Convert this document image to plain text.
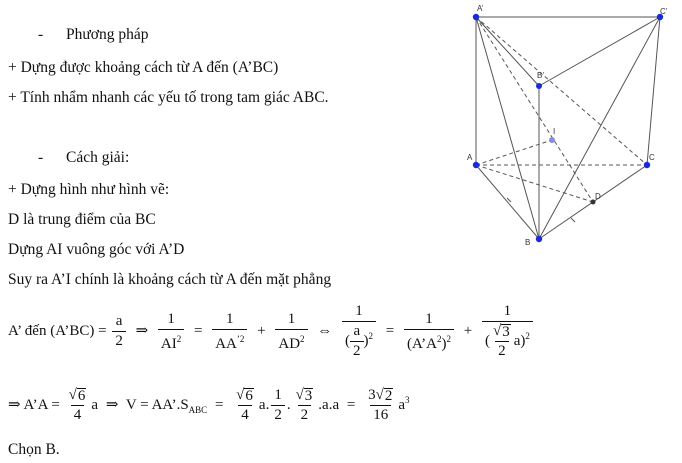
- Phương pháp
+ Dựng được khoảng cách từ A đến (A’BC)
+ Tính nhẩm nhanh các yếu tố trong tam giác ABC.
- Cách giải:
+ Dựng hình như hình vẽ:
D là trung điểm của BC
Dựng AI vuông góc với A’D
Suy ra A’I chính là khoảng cách từ A đến mặt phẳng
A’ đến (A’BC) = $\frac{a}{2}$ ⇒ $\frac{1}{AI^2} = \frac{1}{AA^{’2}} + \frac{1}{AD^2}$ ⇔ $\frac{1}{( \frac{a}{2} )^2} = \frac{1}{(A’A^2)^2} + \frac{1}{( \frac{√ 3}{2} a)^2}$
⇒ A’A = $\frac{√ 6}{4}$ a ⇒ $V = AA’.S_{ABC} = \frac{√ 6}{4} a$. $\frac{1}{2}$ . $\frac{√ 3}{2} .a.a = \frac{3 √ 2}{16} a^3$
Chọn B.
A’	C’
B’
I
A	C
D
B
